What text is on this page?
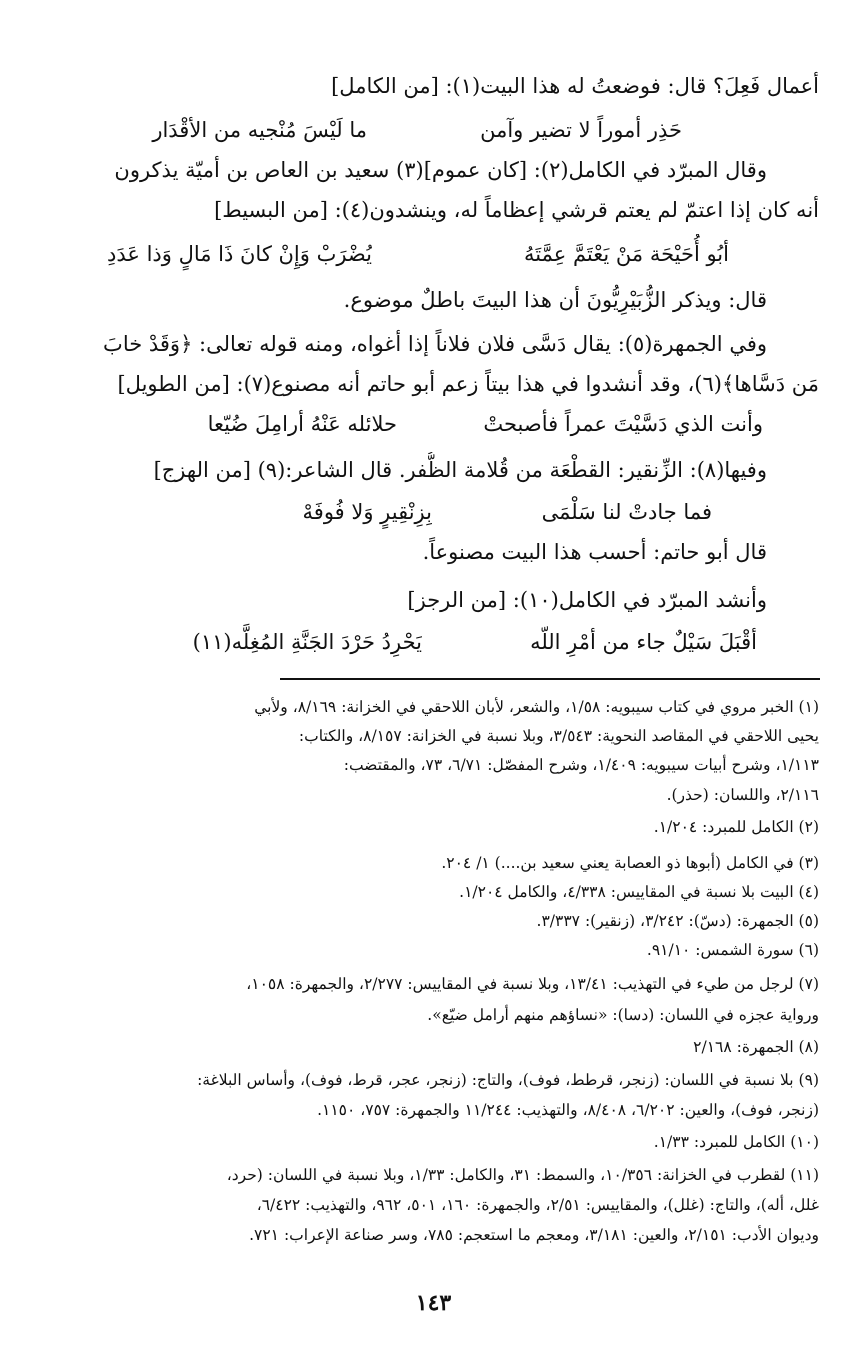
أعمال فَعِلَ؟ قال: فوضعتُ له هذا البيت(١): [من الكامل]
حَذِر أموراً لا تضير وآمن
ما لَيْسَ مُنْجيه من الأقْدَار
وقال المبرّد في الكامل(٢): [كان عموم](٣) سعيد بن العاص بن أميّة يذكرون
أنه كان إذا اعتمّ لم يعتم قرشي إعظاماً له، وينشدون(٤): [من البسيط]
أبُو أُحَيْحَة مَنْ يَعْتَمَّ عِمَّتَهُ
يُضْرَبْ وَإِنْ كانَ ذَا مَالٍ وَذا عَدَدِ
قال: ويذكر الزُّبَيْرِيُّونَ أن هذا البيتَ باطلٌ موضوع.
وفي الجمهرة(٥): يقال دَسَّى فلان فلاناً إذا أغواه، ومنه قوله تعالى: ﴿وَقَدْ خابَ
مَن دَسَّاها﴾(٦)، وقد أنشدوا في هذا بيتاً زعم أبو حاتم أنه مصنوع(٧): [من الطويل]
وأنت الذي دَسَّيْتَ عمراً فأصبحتْ
حلائله عَنْهُ أرامِلَ ضُيّعا
وفيها(٨): الزِّنقير: القطْعَة من قُلامة الظُّفر. قال الشاعر:(٩) [من الهزج]
فما جادتْ لنا سَلْمَى
بِزِنْقِيرٍ وَلا فُوفَهْ
قال أبو حاتم: أحسب هذا البيت مصنوعاً.
وأنشد المبرّد في الكامل(١٠): [من الرجز]
أقْبَلَ سَيْلٌ جاء من أمْرِ اللّه
يَحْرِدُ حَرْدَ الجَنَّةِ المُغِلَّه(١١)
(١) الخبر مروي في كتاب سيبويه: ١/٥٨، والشعر، لأبان اللاحقي في الخزانة: ٨/١٦٩، ولأبي
يحيى اللاحقي في المقاصد النحوية: ٣/٥٤٣، وبلا نسبة في الخزانة: ٨/١٥٧، والكتاب:
١/١١٣، وشرح أبيات سيبويه: ١/٤٠٩، وشرح المفصّل: ٦/٧١، ٧٣، والمقتضب:
٢/١١٦، واللسان: (حذر).
(٢) الكامل للمبرد: ١/٢٠٤.
(٣) في الكامل (أبوها ذو العصابة يعني سعيد بن....) ١/ ٢٠٤.
(٤) البيت بلا نسبة في المقاييس: ٤/٣٣٨، والكامل ١/٢٠٤.
(٥) الجمهرة: (دسّ): ٣/٢٤٢، (زنقير): ٣/٣٣٧.
(٦) سورة الشمس: ٩١/١٠.
(٧) لرجل من طيء في التهذيب: ١٣/٤١، وبلا نسبة في المقاييس: ٢/٢٧٧، والجمهرة: ١٠٥٨،
ورواية عجزه في اللسان: (دسا): «نساؤهم منهم أرامل ضيّع».
(٨) الجمهرة: ٢/١٦٨
(٩) بلا نسبة في اللسان: (زنجر، قرطط، فوف)، والتاج: (زنجر، عجر، قرط، فوف)، وأساس البلاغة:
(زنجر، فوف)، والعين: ٦/٢٠٢، ٨/٤٠٨، والتهذيب: ١١/٢٤٤ والجمهرة: ٧٥٧، ١١٥٠.
(١٠) الكامل للمبرد: ١/٣٣.
(١١) لقطرب في الخزانة: ١٠/٣٥٦، والسمط: ٣١، والكامل: ١/٣٣، وبلا نسبة في اللسان: (حرد،
غلل، أله)، والتاج: (غلل)، والمقاييس: ٢/٥١، والجمهرة: ١٦٠، ٥٠١، ٩٦٢، والتهذيب: ٦/٤٢٢،
وديوان الأدب: ٢/١٥١، والعين: ٣/١٨١، ومعجم ما استعجم: ٧٨٥، وسر صناعة الإعراب: ٧٢١.
١٤٣
